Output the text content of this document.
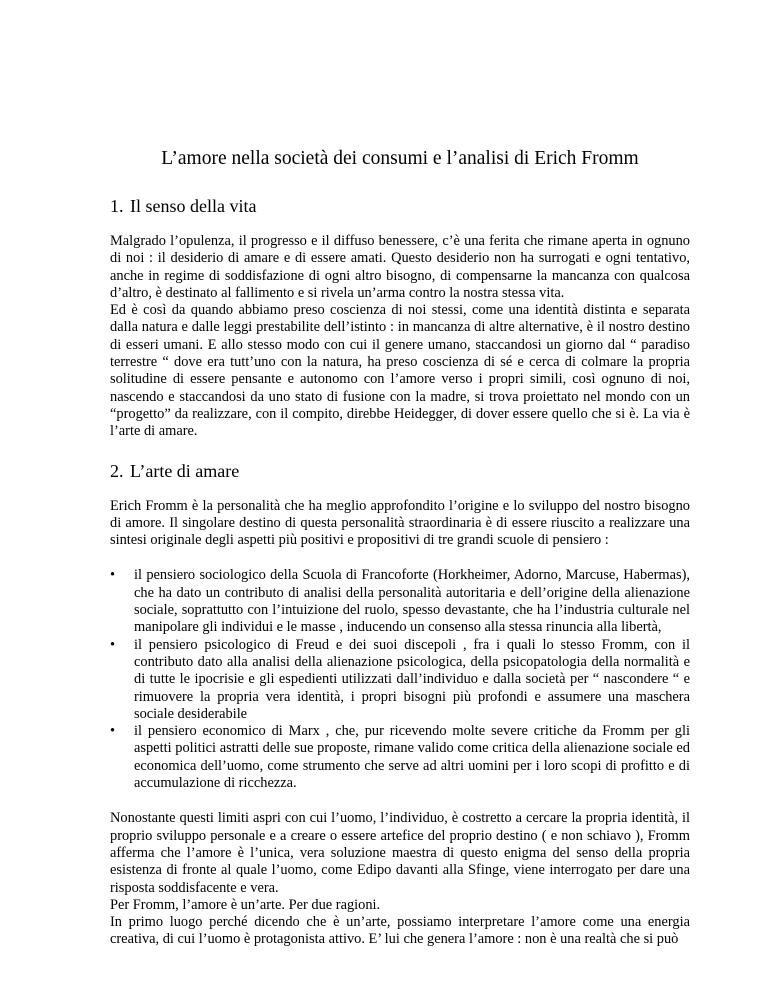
L’amore nella società dei consumi e l’analisi di Erich Fromm
1. Il senso della vita

Malgrado l’opulenza, il progresso e il diffuso benessere, c’è una ferita che rimane aperta in ognuno di noi : il desiderio di amare e di essere amati. Questo desiderio non ha surrogati e ogni tentativo, anche in regime di soddisfazione di ogni altro bisogno, di compensarne la mancanza con qualcosa d’altro, è destinato al fallimento e si rivela un’arma contro la nostra stessa vita.

Ed è così da quando abbiamo preso coscienza di noi stessi, come una identità distinta e separata dalla natura e dalle leggi prestabilite dell’istinto : in mancanza di altre alternative, è il nostro destino di esseri umani. E allo stesso modo con cui il genere umano, staccandosi un giorno dal “ paradiso terrestre “ dove era tutt’uno con la natura, ha preso coscienza di sé e cerca di colmare la propria solitudine di essere pensante e autonomo con l’amore verso i propri simili, così ognuno di noi, nascendo e staccandosi da uno stato di fusione con la madre, si trova proiettato nel mondo con un “progetto” da realizzare, con il compito, direbbe Heidegger, di dover essere quello che si è. La via è l’arte di amare.

2. L’arte di amare

Erich Fromm è la personalità che ha meglio approfondito l’origine e lo sviluppo del nostro bisogno di amore. Il singolare destino di questa personalità straordinaria è di essere riuscito a realizzare una sintesi originale degli aspetti più positivi e propositivi di tre grandi scuole di pensiero :

• il pensiero sociologico della Scuola di Francoforte (Horkheimer, Adorno, Marcuse, Habermas), che ha dato un contributo di analisi della personalità autoritaria e dell’origine della alienazione sociale, soprattutto con l’intuizione del ruolo, spesso devastante, che ha l’industria culturale nel manipolare gli individui e le masse , inducendo un consenso alla stessa rinuncia alla libertà,
• il pensiero psicologico di Freud e dei suoi discepoli , fra i quali lo stesso Fromm, con il contributo dato alla analisi della alienazione psicologica, della psicopatologia della normalità e di tutte le ipocrisie e gli espedienti utilizzati dall’individuo e dalla società per “ nascondere “ e rimuovere la propria vera identità, i propri bisogni più profondi e assumere una maschera sociale desiderabile
• il pensiero economico di Marx , che, pur ricevendo molte severe critiche da Fromm per gli aspetti politici astratti delle sue proposte, rimane valido come critica della alienazione sociale ed economica dell’uomo, come strumento che serve ad altri uomini per i loro scopi di profitto e di accumulazione di ricchezza.

Nonostante questi limiti aspri con cui l’uomo, l’individuo, è costretto a cercare la propria identità, il proprio sviluppo personale e a creare o essere artefice del proprio destino ( e non schiavo ), Fromm afferma che l’amore è l’unica, vera soluzione maestra di questo enigma del senso della propria esistenza di fronte al quale l’uomo, come Edipo davanti alla Sfinge, viene interrogato per dare una risposta soddisfacente e vera.

Per Fromm, l’amore è un’arte. Per due ragioni.

In primo luogo perché dicendo che è un’arte, possiamo interpretare l’amore come una energia creativa, di cui l’uomo è protagonista attivo. E’ lui che genera l’amore : non è una realtà che si può
